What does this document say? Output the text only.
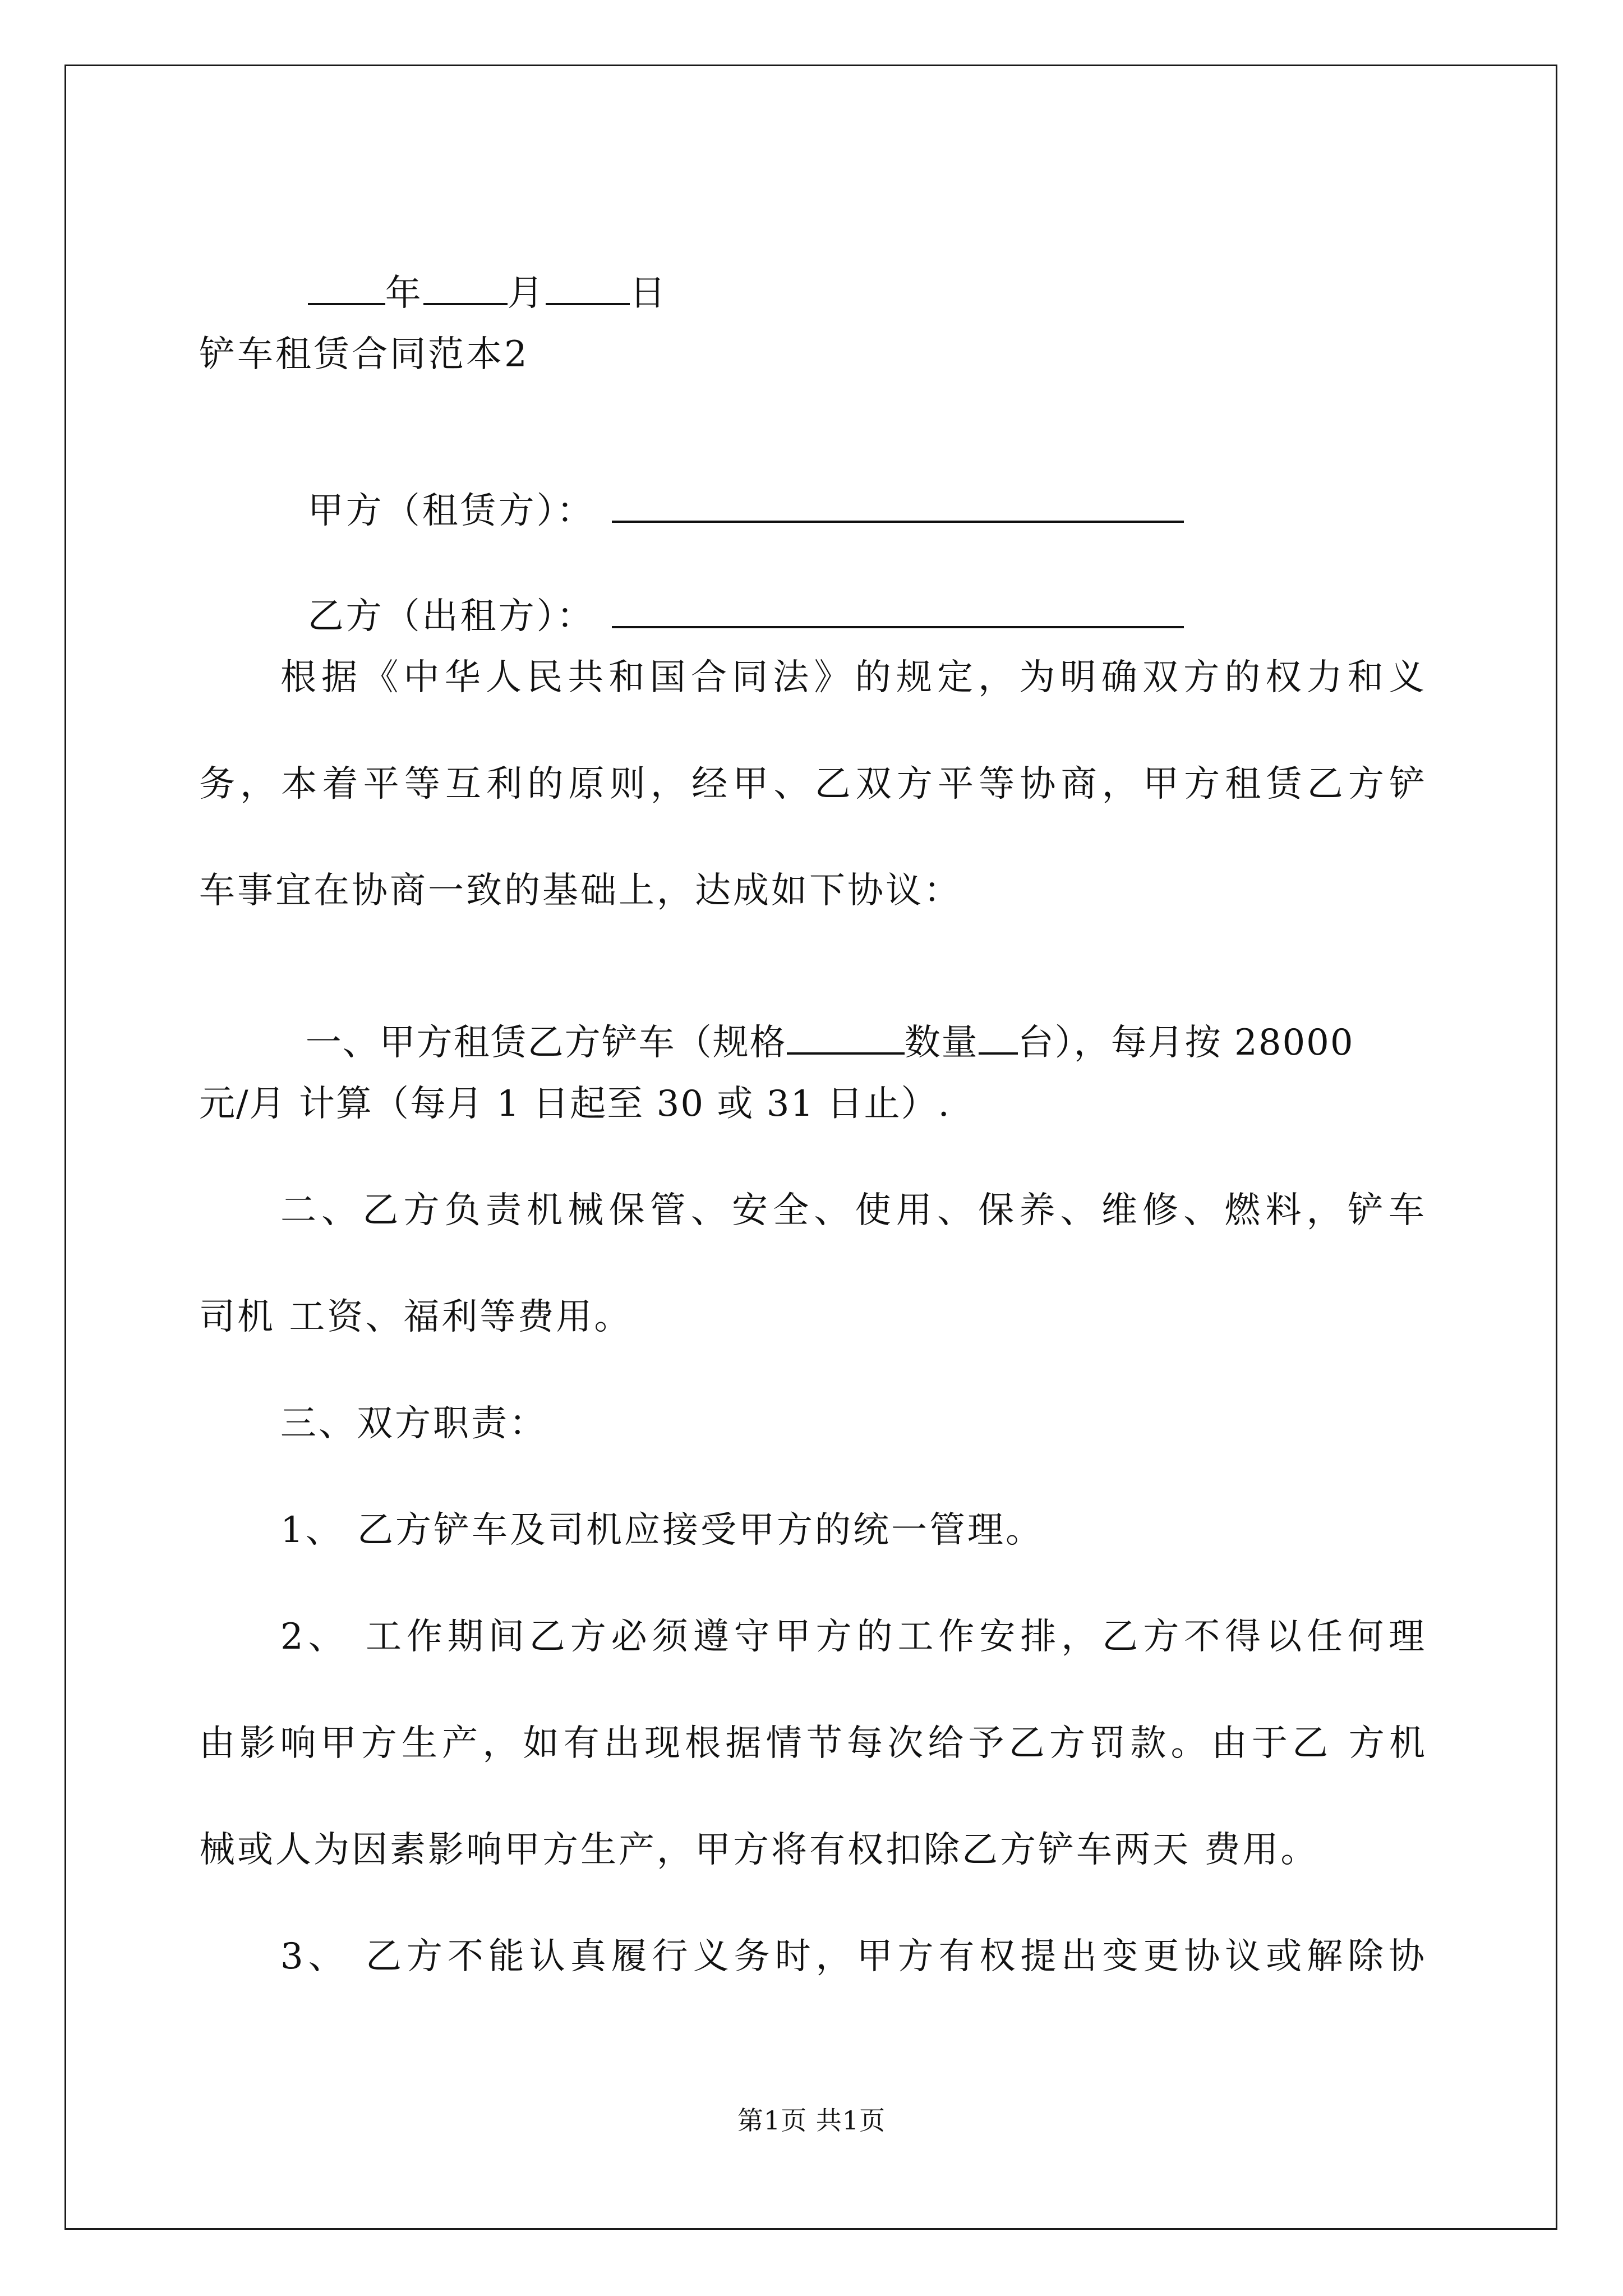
年 月 日

铲车租赁合同范本2

甲方（租赁方）：

乙方（出租方）：

根据《中华人民共和国合同法》的规定，为明确双方的权力和义
务，本着平等互利的原则，经甲、乙双方平等协商，甲方租赁乙方铲
车事宜在协商一致的基础上，达成如下协议：

一、甲方租赁乙方铲车（规格	数量 台），每月按 28000

元/月 计算（每月 1 日起至 30 或 31 日止）.
二、乙方负责机械保管、安全、使用、保养、维修、燃料，铲车
司机 工资、福利等费用。
三、双方职责：
1、 乙方铲车及司机应接受甲方的统一管理。
2、 工作期间乙方必须遵守甲方的工作安排，乙方不得以任何理
由影响甲方生产，如有出现根据情节每次给予乙方罚款。由于乙 方机
械或人为因素影响甲方生产，甲方将有权扣除乙方铲车两天 费用。
3、 乙方不能认真履行义务时，甲方有权提出变更协议或解除协
第1页 共1页
